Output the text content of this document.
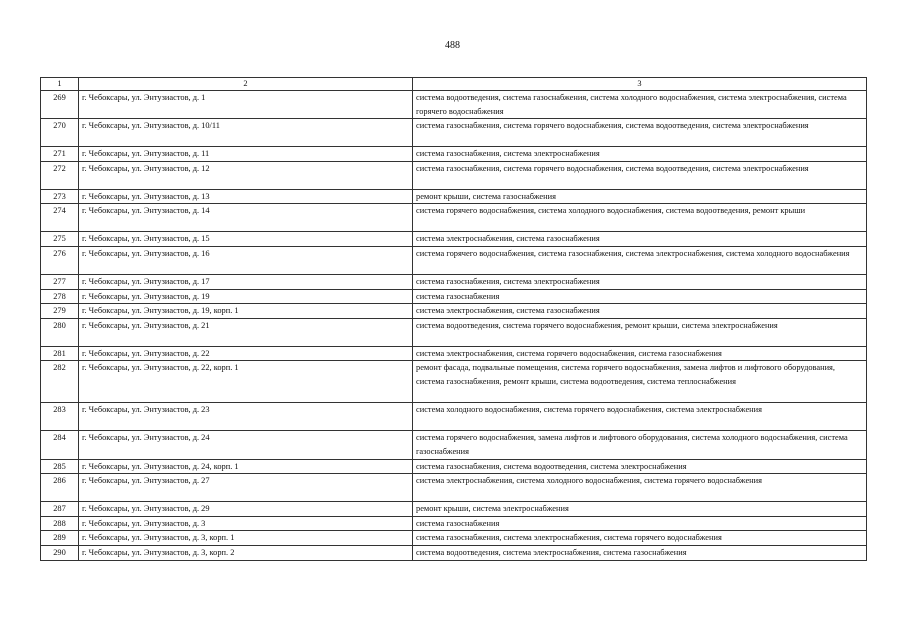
488
1	2	3
269	г. Чебоксары, ул. Энтузиастов, д. 1	система водоотведения, система газоснабжения, система холодного водоснабжения, система электроснабжения, система горячего водоснабжения
270	г. Чебоксары, ул. Энтузиастов, д. 10/11	система газоснабжения, система горячего водоснабжения, система водоотведения, система электроснабжения
271	г. Чебоксары, ул. Энтузиастов, д. 11	система газоснабжения, система электроснабжения
272	г. Чебоксары, ул. Энтузиастов, д. 12	система газоснабжения, система горячего водоснабжения, система водоотведения, система электроснабжения
273	г. Чебоксары, ул. Энтузиастов, д. 13	ремонт крыши, система газоснабжения
274	г. Чебоксары, ул. Энтузиастов, д. 14	система горячего водоснабжения, система холодного водоснабжения, система водоотведения, ремонт крыши
275	г. Чебоксары, ул. Энтузиастов, д. 15	система электроснабжения, система газоснабжения
276	г. Чебоксары, ул. Энтузиастов, д. 16	система горячего водоснабжения, система газоснабжения, система электроснабжения, система холодного водоснабжения
277	г. Чебоксары, ул. Энтузиастов, д. 17	система газоснабжения, система электроснабжения
278	г. Чебоксары, ул. Энтузиастов, д. 19	система газоснабжения
279	г. Чебоксары, ул. Энтузиастов, д. 19, корп. 1	система электроснабжения, система газоснабжения
280	г. Чебоксары, ул. Энтузиастов, д. 21	система водоотведения, система горячего водоснабжения, ремонт крыши, система электроснабжения
281	г. Чебоксары, ул. Энтузиастов, д. 22	система электроснабжения, система горячего водоснабжения, система газоснабжения
282	г. Чебоксары, ул. Энтузиастов, д. 22, корп. 1	ремонт фасада, подвальные помещения, система горячего водоснабжения, замена лифтов и лифтового оборудования, система газоснабжения, ремонт крыши, система водоотведения, система теплоснабжения
283	г. Чебоксары, ул. Энтузиастов, д. 23	система холодного водоснабжения, система горячего водоснабжения, система электроснабжения
284	г. Чебоксары, ул. Энтузиастов, д. 24	система горячего водоснабжения, замена лифтов и лифтового оборудования, система холодного водоснабжения, система газоснабжения
285	г. Чебоксары, ул. Энтузиастов, д. 24, корп. 1	система газоснабжения, система водоотведения, система электроснабжения
286	г. Чебоксары, ул. Энтузиастов, д. 27	система электроснабжения, система холодного водоснабжения, система горячего водоснабжения
287	г. Чебоксары, ул. Энтузиастов, д. 29	ремонт крыши, система электроснабжения
288	г. Чебоксары, ул. Энтузиастов, д. 3	система газоснабжения
289	г. Чебоксары, ул. Энтузиастов, д. 3, корп. 1	система газоснабжения, система электроснабжения, система горячего водоснабжения
290	г. Чебоксары, ул. Энтузиастов, д. 3, корп. 2	система водоотведения, система электроснабжения, система газоснабжения
